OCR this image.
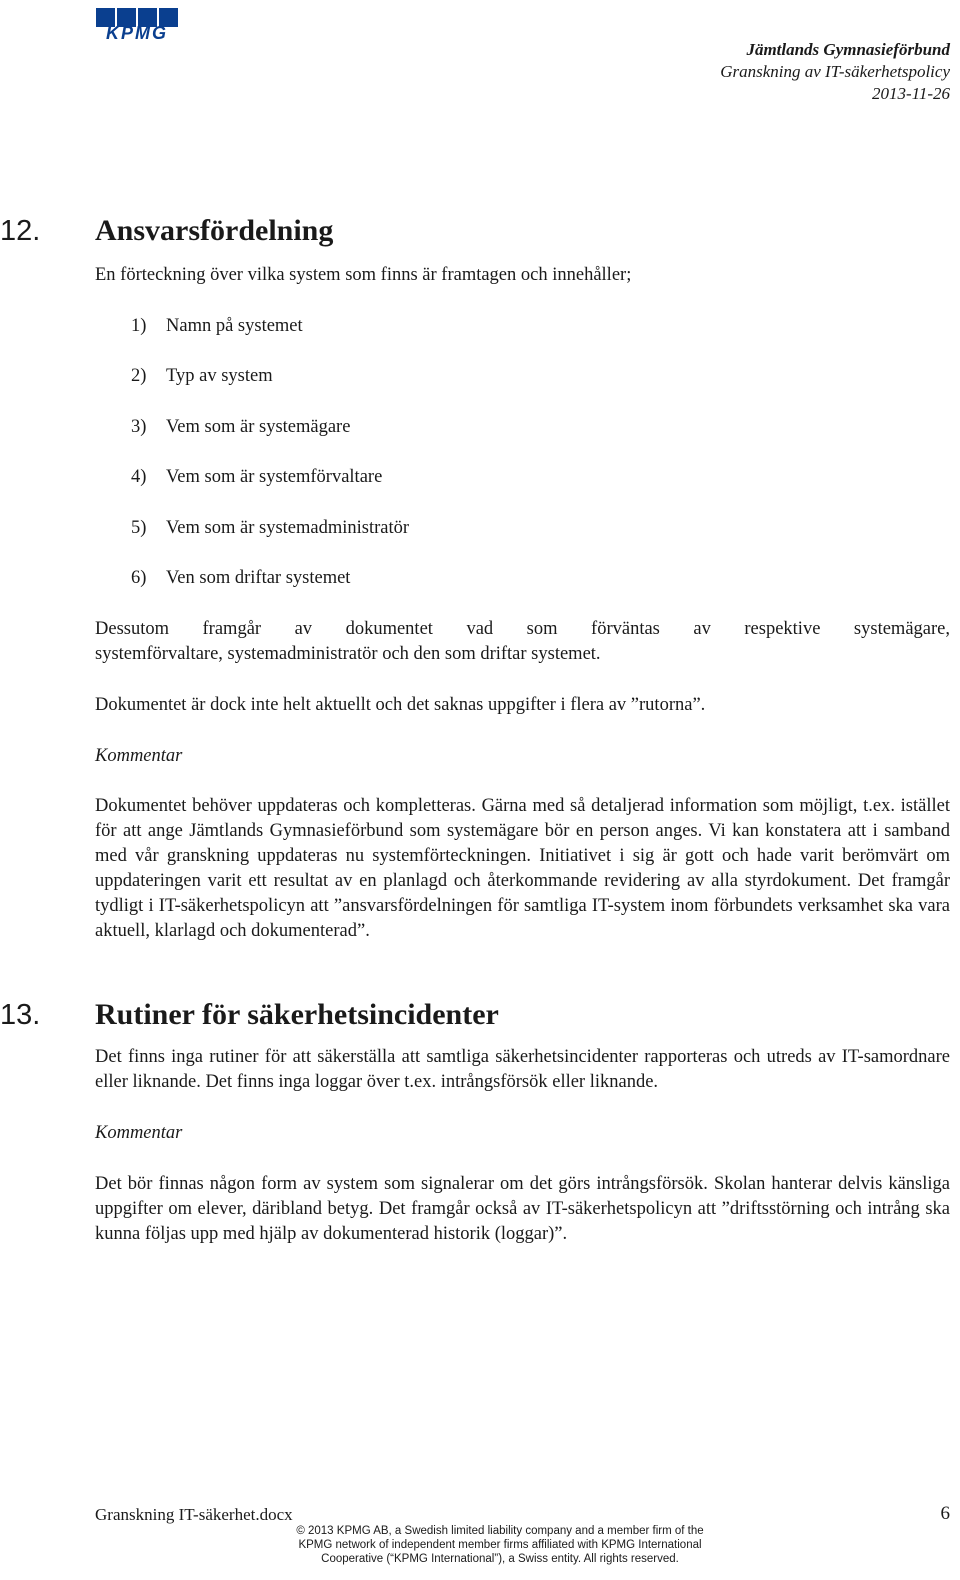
KPMG
Jämtlands Gymnasieförbund
Granskning av IT-säkerhetspolicy
2013-11-26
12. Ansvarsfördelning
En förteckning över vilka system som finns är framtagen och innehåller;
1) Namn på systemet
2) Typ av system
3) Vem som är systemägare
4) Vem som är systemförvaltare
5) Vem som är systemadministratör
6) Ven som driftar systemet
Dessutom framgår av dokumentet vad som förväntas av respektive systemägare,
systemförvaltare, systemadministratör och den som driftar systemet.
Dokumentet är dock inte helt aktuellt och det saknas uppgifter i flera av ”rutorna”.
Kommentar
Dokumentet behöver uppdateras och kompletteras. Gärna med så detaljerad information som möjligt, t.ex. istället för att ange Jämtlands Gymnasieförbund som systemägare bör en person anges. Vi kan konstatera att i samband med vår granskning uppdateras nu systemförteckningen. Initiativet i sig är gott och hade varit berömvärt om uppdateringen varit ett resultat av en planlagd och återkommande revidering av alla styrdokument. Det framgår tydligt i IT-säkerhetspolicyn att ”ansvarsfördelningen för samtliga IT-system inom förbundets verksamhet ska vara aktuell, klarlagd och dokumenterad”.
13. Rutiner för säkerhetsincidenter
Det finns inga rutiner för att säkerställa att samtliga säkerhetsincidenter rapporteras och utreds av IT-samordnare eller liknande. Det finns inga loggar över t.ex. intrångsförsök eller liknande.
Kommentar
Det bör finnas någon form av system som signalerar om det görs intrångsförsök. Skolan hanterar delvis känsliga uppgifter om elever, däribland betyg. Det framgår också av IT-säkerhetspolicyn att ”driftsstörning och intrång ska kunna följas upp med hjälp av dokumenterad historik (loggar)”.
Granskning IT-säkerhet.docx	6
© 2013 KPMG AB, a Swedish limited liability company and a member firm of the
KPMG network of independent member firms affiliated with KPMG International
Cooperative (“KPMG International”), a Swiss entity. All rights reserved.
